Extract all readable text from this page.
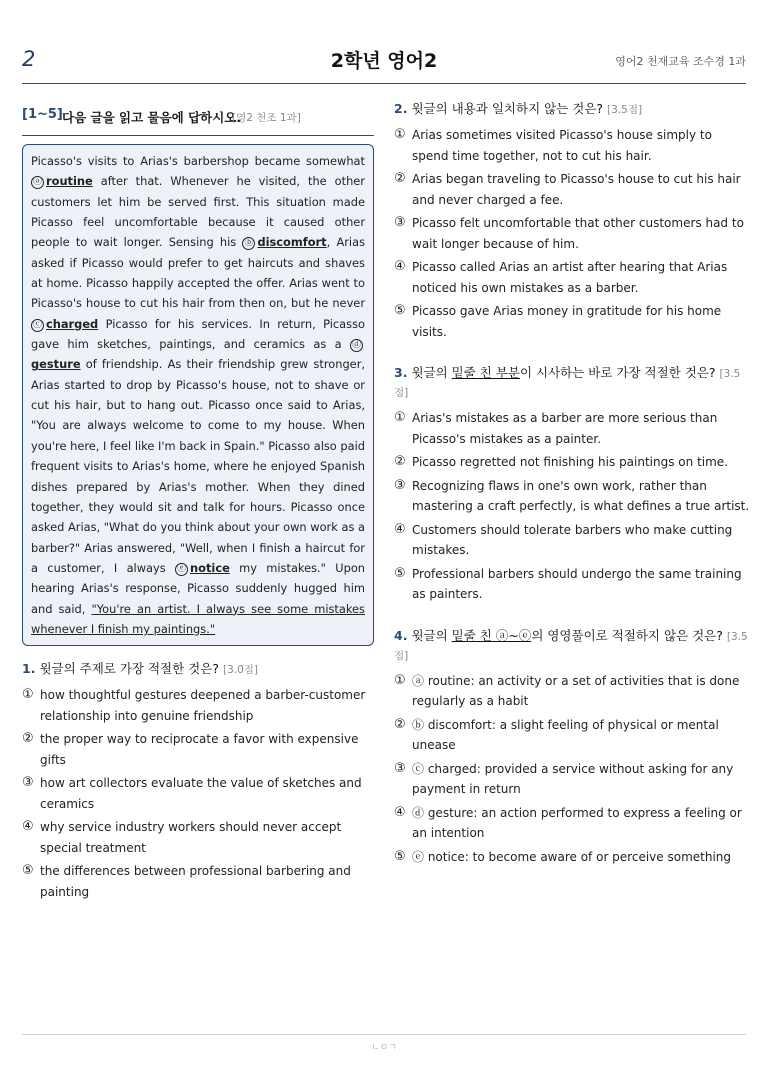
2	2학년 영어2	영어2 천재교육 조수경 1과
[1~5] 다음 글을 읽고 물음에 답하시오.
[영2 천조 1과]
Picasso's visits to Arias's barbershop became somewhat ⓐ routine after that. Whenever he visited, the other customers let him be served first. This situation made Picasso feel uncomfortable because it caused other people to wait longer. Sensing his ⓑ discomfort, Arias asked if Picasso would prefer to get haircuts and shaves at home. Picasso happily accepted the offer. Arias went to Picasso's house to cut his hair from then on, but he never ⓒ charged Picasso for his services. In return, Picasso gave him sketches, paintings, and ceramics as a ⓓgesture of friendship. As their friendship grew stronger, Arias started to drop by Picasso's house, not to shave or cut his hair, but to hang out. Picasso once said to Arias, "You are always welcome to come to my house. When you're here, I feel like I'm back in Spain." Picasso also paid frequent visits to Arias's home, where he enjoyed Spanish dishes prepared by Arias's mother. When they dined together, they would sit and talk for hours. Picasso once asked Arias, "What do you think about your own work as a barber?" Arias answered, "Well, when I finish a haircut for a customer, I always ⓔ notice my mistakes." Upon hearing Arias's response, Picasso suddenly hugged him and said, "You're an artist. I always see some mistakes whenever I finish my paintings."
1. 윗글의 주제로 가장 적절한 것은? [3.0점]
① how thoughtful gestures deepened a barber-customer relationship into genuine friendship
② the proper way to reciprocate a favor with expensive gifts
③ how art collectors evaluate the value of sketches and ceramics
④ why service industry workers should never accept special treatment
⑤ the differences between professional barbering and painting
2. 윗글의 내용과 일치하지 않는 것은? [3.5점]
① Arias sometimes visited Picasso's house simply to spend time together, not to cut his hair.
② Arias began traveling to Picasso's house to cut his hair and never charged a fee.
③ Picasso felt uncomfortable that other customers had to wait longer because of him.
④ Picasso called Arias an artist after hearing that Arias noticed his own mistakes as a barber.
⑤ Picasso gave Arias money in gratitude for his home visits.
3. 윗글의 밑줄 친 부분이 시사하는 바로 가장 적절한 것은? [3.5점]
① Arias's mistakes as a barber are more serious than Picasso's mistakes as a painter.
② Picasso regretted not finishing his paintings on time.
③ Recognizing flaws in one's own work, rather than mastering a craft perfectly, is what defines a true artist.
④ Customers should tolerate barbers who make cutting mistakes.
⑤ Professional barbers should undergo the same training as painters.
4. 윗글의 밑줄 친 ⓐ~ⓔ의 영영풀이로 적절하지 않은 것은? [3.5점]
① ⓐ routine: an activity or a set of activities that is done regularly as a habit
② ⓑ discomfort: a slight feeling of physical or mental unease
③ ⓒ charged: provided a service without asking for any payment in return
④ ⓓ gesture: an action performed to express a feeling or an intention
⑤ ⓔ notice: to become aware of or perceive something
ㄴㅇㄱ
